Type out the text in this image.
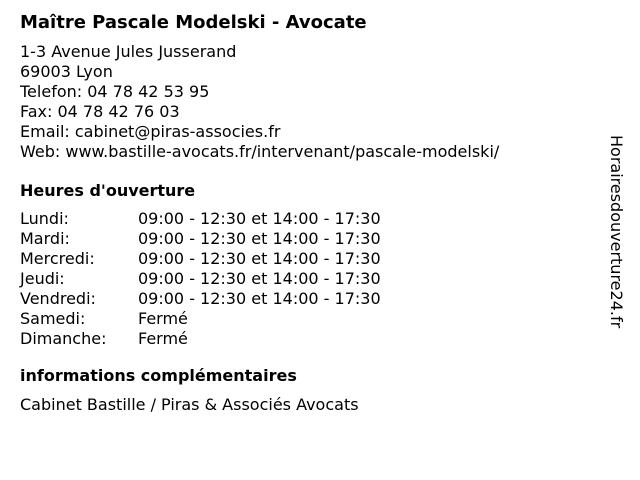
Maître Pascale Modelski - Avocate
1-3 Avenue Jules Jusserand
69003 Lyon
Telefon: 04 78 42 53 95
Fax: 04 78 42 76 03
Email: cabinet@piras-associes.fr
Web: www.bastille-avocats.fr/intervenant/pascale-modelski/
Heures d'ouverture
Lundi:	09:00 - 12:30 et 14:00 - 17:30
Mardi:	09:00 - 12:30 et 14:00 - 17:30
Mercredi:	09:00 - 12:30 et 14:00 - 17:30
Jeudi:	09:00 - 12:30 et 14:00 - 17:30
Vendredi:	09:00 - 12:30 et 14:00 - 17:30
Samedi:	Fermé
Dimanche:	Fermé
informations complémentaires
Cabinet Bastille / Piras & Associés Avocats
Horairesdouverture24.fr
